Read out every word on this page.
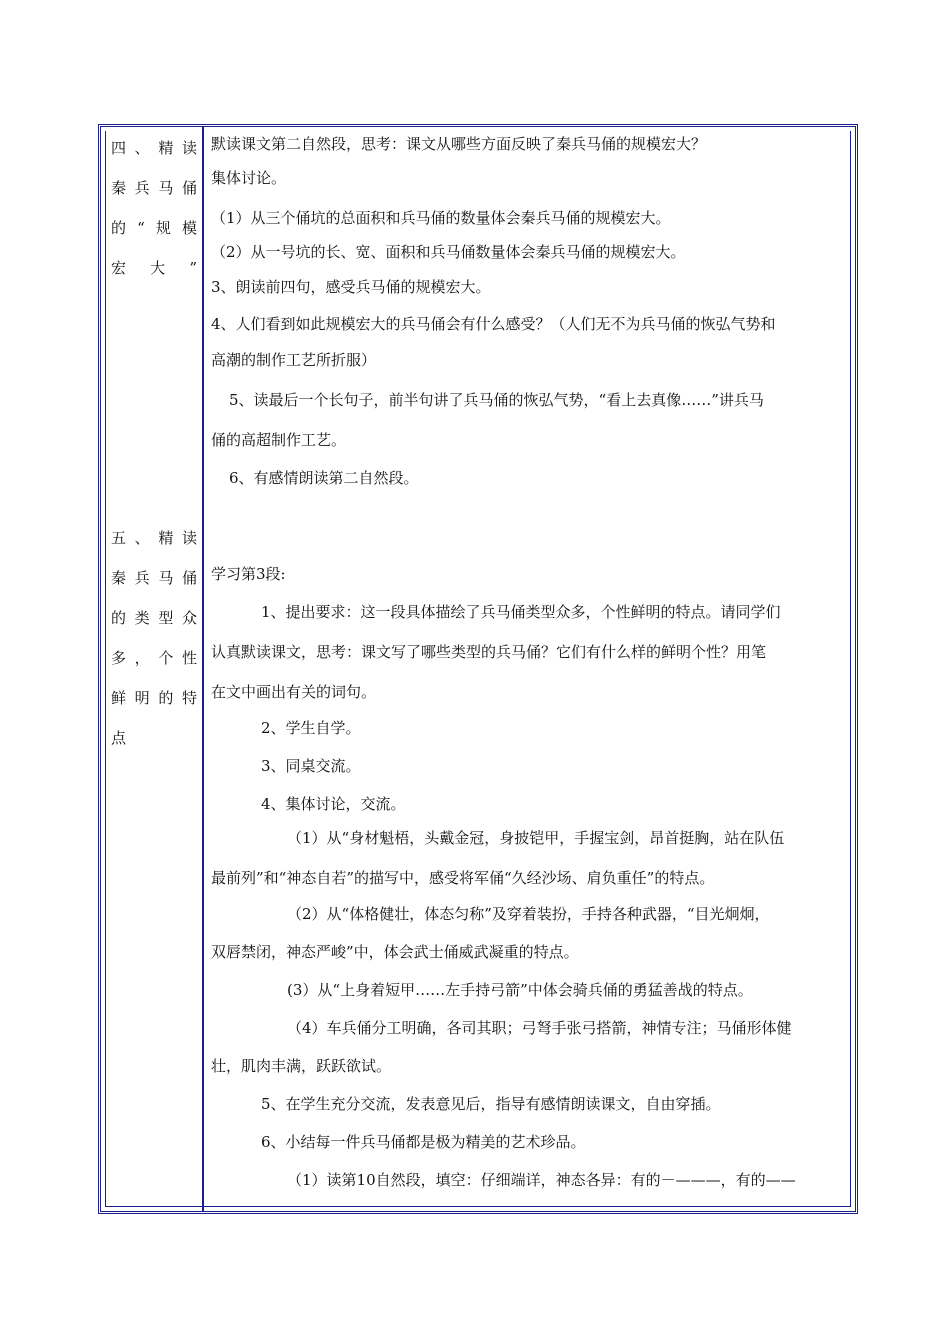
四 、 精 读
秦 兵 马 俑
的 “ 规 模
宏 大 ”
五 、 精 读
秦 兵 马 俑
的 类 型 众
多 ， 个 性
鲜 明 的 特
点
默读课文第二自然段，思考：课文从哪些方面反映了秦兵马俑的规模宏大？
集体讨论。
（1）从三个俑坑的总面积和兵马俑的数量体会秦兵马俑的规模宏大。
（2）从一号坑的长、宽、面积和兵马俑数量体会秦兵马俑的规模宏大。
3、朗读前四句，感受兵马俑的规模宏大。
4、人们看到如此规模宏大的兵马俑会有什么感受？（人们无不为兵马俑的恢弘气势和
高潮的制作工艺所折服）
5、读最后一个长句子，前半句讲了兵马俑的恢弘气势，“看上去真像……”讲兵马
俑的高超制作工艺。
6、有感情朗读第二自然段。
学习第3段:
1、提出要求：这一段具体描绘了兵马俑类型众多，个性鲜明的特点。请同学们
认真默读课文，思考：课文写了哪些类型的兵马俑？它们有什么样的鲜明个性？用笔
在文中画出有关的词句。
2、学生自学。
3、同桌交流。
4、集体讨论，交流。
（1）从“身材魁梧，头戴金冠，身披铠甲，手握宝剑，昂首挺胸，站在队伍
最前列”和“神态自若”的描写中，感受将军俑“久经沙场、肩负重任”的特点。
（2）从“体格健壮，体态匀称”及穿着装扮，手持各种武器，“目光炯炯，
双唇禁闭，神态严峻”中，体会武士俑威武凝重的特点。
(3）从“上身着短甲……左手持弓箭”中体会骑兵俑的勇猛善战的特点。
（4）车兵俑分工明确，各司其职；弓弩手张弓搭箭，神情专注；马俑形体健
壮，肌肉丰满，跃跃欲试。
5、在学生充分交流，发表意见后，指导有感情朗读课文，自由穿插。
6、小结每一件兵马俑都是极为精美的艺术珍品。
（1）读第10自然段，填空：仔细端详，神态各异：有的－———，有的——
